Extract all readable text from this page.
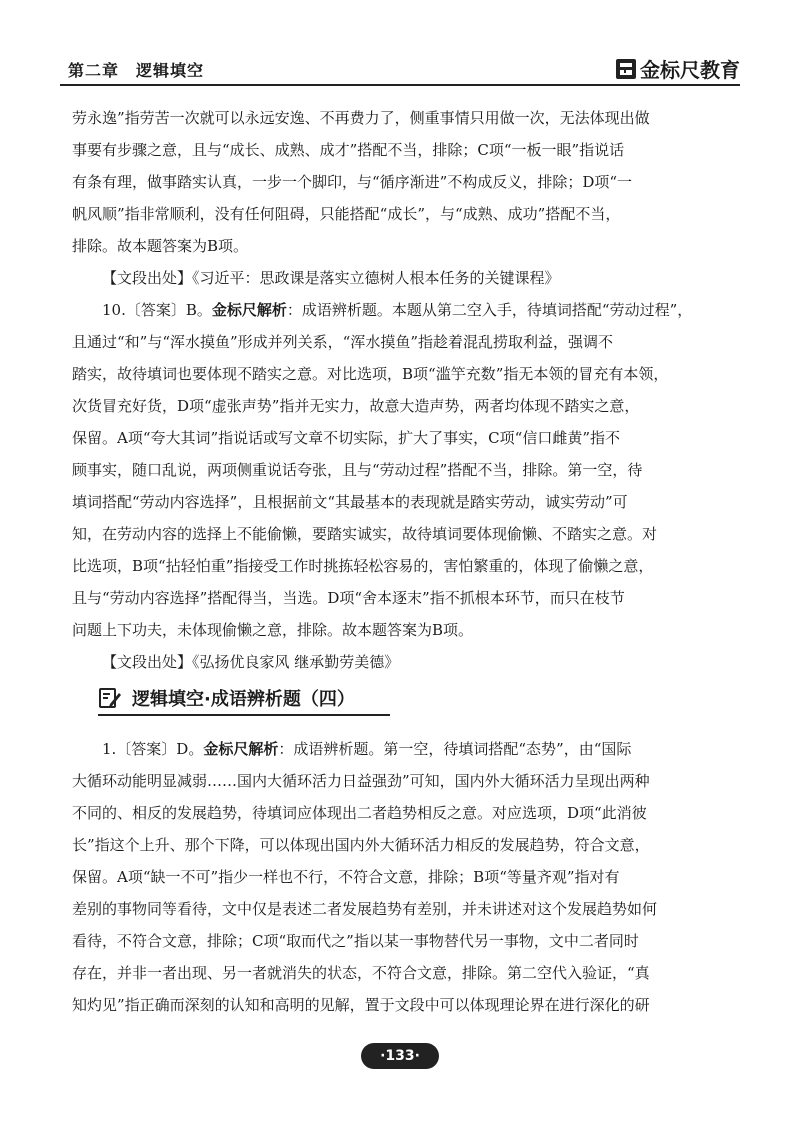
第二章　逻辑填空	金标尺教育
劳永逸”指劳苦一次就可以永远安逸、不再费力了，侧重事情只用做一次，无法体现出做
事要有步骤之意，且与“成长、成熟、成才”搭配不当，排除；C项“一板一眼”指说话
有条有理，做事踏实认真，一步一个脚印，与“循序渐进”不构成反义，排除；D项“一
帆风顺”指非常顺利，没有任何阻碍，只能搭配“成长”，与“成熟、成功”搭配不当，
排除。故本题答案为B项。
【文段出处】《习近平：思政课是落实立德树人根本任务的关键课程》
10.〔答案〕B。金标尺解析：成语辨析题。本题从第二空入手，待填词搭配“劳动过程”，
且通过“和”与“浑水摸鱼”形成并列关系，“浑水摸鱼”指趁着混乱捞取利益，强调不
踏实，故待填词也要体现不踏实之意。对比选项，B项“滥竽充数”指无本领的冒充有本领，
次货冒充好货，D项“虚张声势”指并无实力，故意大造声势，两者均体现不踏实之意，
保留。A项“夸大其词”指说话或写文章不切实际，扩大了事实，C项“信口雌黄”指不
顾事实，随口乱说，两项侧重说话夸张，且与“劳动过程”搭配不当，排除。第一空，待
填词搭配“劳动内容选择”，且根据前文“其最基本的表现就是踏实劳动，诚实劳动”可
知，在劳动内容的选择上不能偷懒，要踏实诚实，故待填词要体现偷懒、不踏实之意。对
比选项，B项“拈轻怕重”指接受工作时挑拣轻松容易的，害怕繁重的，体现了偷懒之意，
且与“劳动内容选择”搭配得当，当选。D项“舍本逐末”指不抓根本环节，而只在枝节
问题上下功夫，未体现偷懒之意，排除。故本题答案为B项。
【文段出处】《弘扬优良家风 继承勤劳美德》
逻辑填空·成语辨析题（四）
1.〔答案〕D。金标尺解析：成语辨析题。第一空，待填词搭配“态势”，由“国际
大循环动能明显减弱……国内大循环活力日益强劲”可知，国内外大循环活力呈现出两种
不同的、相反的发展趋势，待填词应体现出二者趋势相反之意。对应选项，D项“此消彼
长”指这个上升、那个下降，可以体现出国内外大循环活力相反的发展趋势，符合文意，
保留。A项“缺一不可”指少一样也不行，不符合文意，排除；B项“等量齐观”指对有
差别的事物同等看待，文中仅是表述二者发展趋势有差别，并未讲述对这个发展趋势如何
看待，不符合文意，排除；C项“取而代之”指以某一事物替代另一事物，文中二者同时
存在，并非一者出现、另一者就消失的状态，不符合文意，排除。第二空代入验证，“真
知灼见”指正确而深刻的认知和高明的见解，置于文段中可以体现理论界在进行深化的研
·133·
